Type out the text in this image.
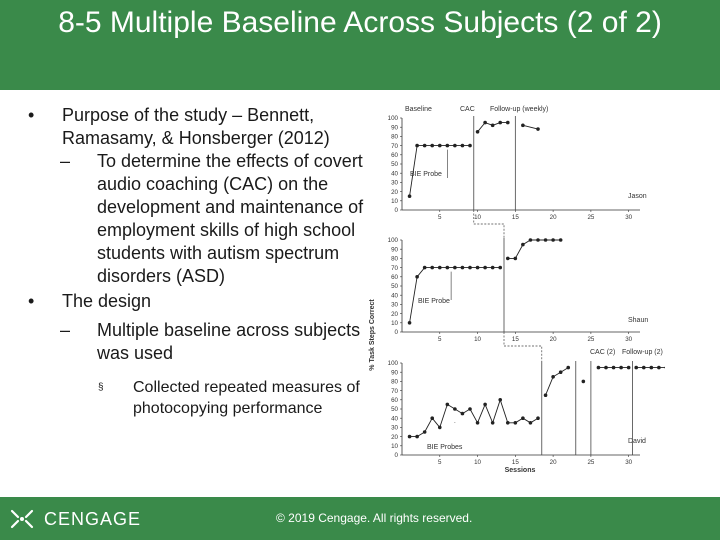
8-5 Multiple Baseline Across Subjects (2 of 2)
• Purpose of the study – Bennett, Ramasamy, & Honsberger (2012)
– To determine the effects of covert audio coaching (CAC) on the development and maintenance of employment skills of high school students with autism spectrum disorders (ASD)
• The design
– Multiple baseline across subjects was used
§ Collected repeated measures of photocopying performance
% Task Steps Correct
Sessions
Baseline	CAC Follow-up (weekly)
BIE Probe
BIE Probe
BIE Probes
CAC (2) Follow-up (2)
Jason
Shaun
David
100
90
80
70
60
50
40
30
20
10
0
5	10	15	20	25	30
100
90
80
70
60
50
40
30
20
10
0
5	10	15	20	25	30
100
90
80
70
60
50
40
30
20
10
0
5	10	15	20	25	30
CENGAGE	© 2019 Cengage. All rights reserved.
